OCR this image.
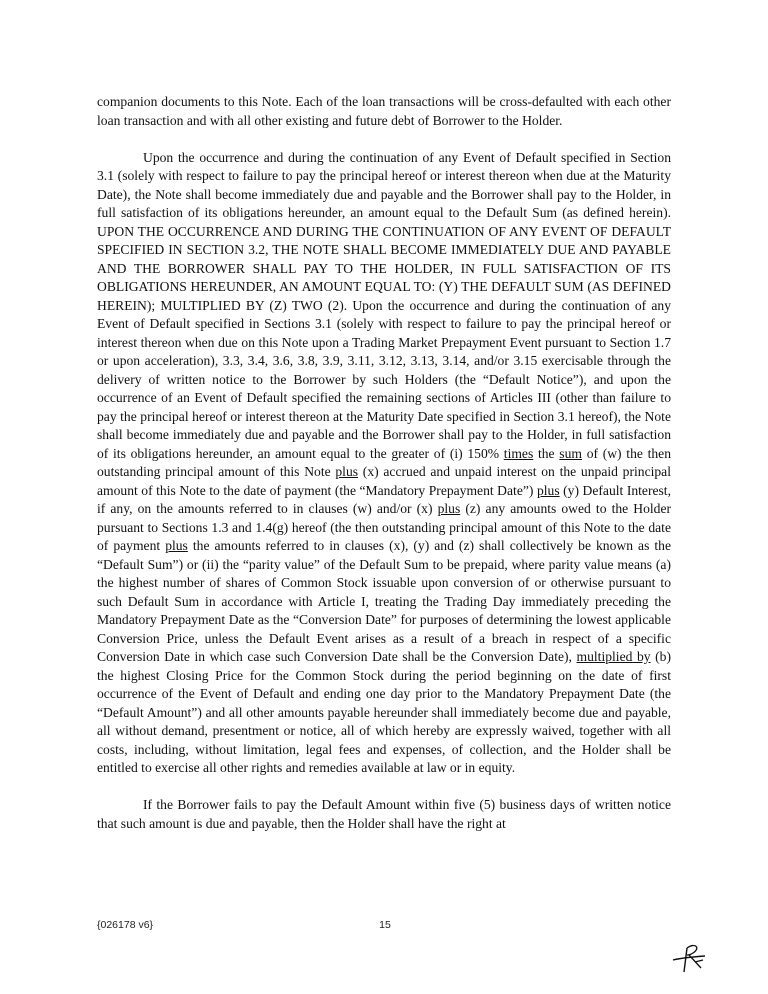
companion documents to this Note. Each of the loan transactions will be cross-defaulted with each other loan transaction and with all other existing and future debt of Borrower to the Holder.

Upon the occurrence and during the continuation of any Event of Default specified in Section 3.1 (solely with respect to failure to pay the principal hereof or interest thereon when due at the Maturity Date), the Note shall become immediately due and payable and the Borrower shall pay to the Holder, in full satisfaction of its obligations hereunder, an amount equal to the Default Sum (as defined herein). UPON THE OCCURRENCE AND DURING THE CONTINUATION OF ANY EVENT OF DEFAULT SPECIFIED IN SECTION 3.2, THE NOTE SHALL BECOME IMMEDIATELY DUE AND PAYABLE AND THE BORROWER SHALL PAY TO THE HOLDER, IN FULL SATISFACTION OF ITS OBLIGATIONS HEREUNDER, AN AMOUNT EQUAL TO: (Y) THE DEFAULT SUM (AS DEFINED HEREIN); MULTIPLIED BY (Z) TWO (2). Upon the occurrence and during the continuation of any Event of Default specified in Sections 3.1 (solely with respect to failure to pay the principal hereof or interest thereon when due on this Note upon a Trading Market Prepayment Event pursuant to Section 1.7 or upon acceleration), 3.3, 3.4, 3.6, 3.8, 3.9, 3.11, 3.12, 3.13, 3.14, and/or 3.15 exercisable through the delivery of written notice to the Borrower by such Holders (the “Default Notice”), and upon the occurrence of an Event of Default specified the remaining sections of Articles III (other than failure to pay the principal hereof or interest thereon at the Maturity Date specified in Section 3.1 hereof), the Note shall become immediately due and payable and the Borrower shall pay to the Holder, in full satisfaction of its obligations hereunder, an amount equal to the greater of (i) 150% times the sum of (w) the then outstanding principal amount of this Note plus (x) accrued and unpaid interest on the unpaid principal amount of this Note to the date of payment (the “Mandatory Prepayment Date”) plus (y) Default Interest, if any, on the amounts referred to in clauses (w) and/or (x) plus (z) any amounts owed to the Holder pursuant to Sections 1.3 and 1.4(g) hereof (the then outstanding principal amount of this Note to the date of payment plus the amounts referred to in clauses (x), (y) and (z) shall collectively be known as the “Default Sum”) or (ii) the “parity value” of the Default Sum to be prepaid, where parity value means (a) the highest number of shares of Common Stock issuable upon conversion of or otherwise pursuant to such Default Sum in accordance with Article I, treating the Trading Day immediately preceding the Mandatory Prepayment Date as the “Conversion Date” for purposes of determining the lowest applicable Conversion Price, unless the Default Event arises as a result of a breach in respect of a specific Conversion Date in which case such Conversion Date shall be the Conversion Date), multiplied by (b) the highest Closing Price for the Common Stock during the period beginning on the date of first occurrence of the Event of Default and ending one day prior to the Mandatory Prepayment Date (the “Default Amount”) and all other amounts payable hereunder shall immediately become due and payable, all without demand, presentment or notice, all of which hereby are expressly waived, together with all costs, including, without limitation, legal fees and expenses, of collection, and the Holder shall be entitled to exercise all other rights and remedies available at law or in equity.

If the Borrower fails to pay the Default Amount within five (5) business days of written notice that such amount is due and payable, then the Holder shall have the right at

{026178 v6}	15
